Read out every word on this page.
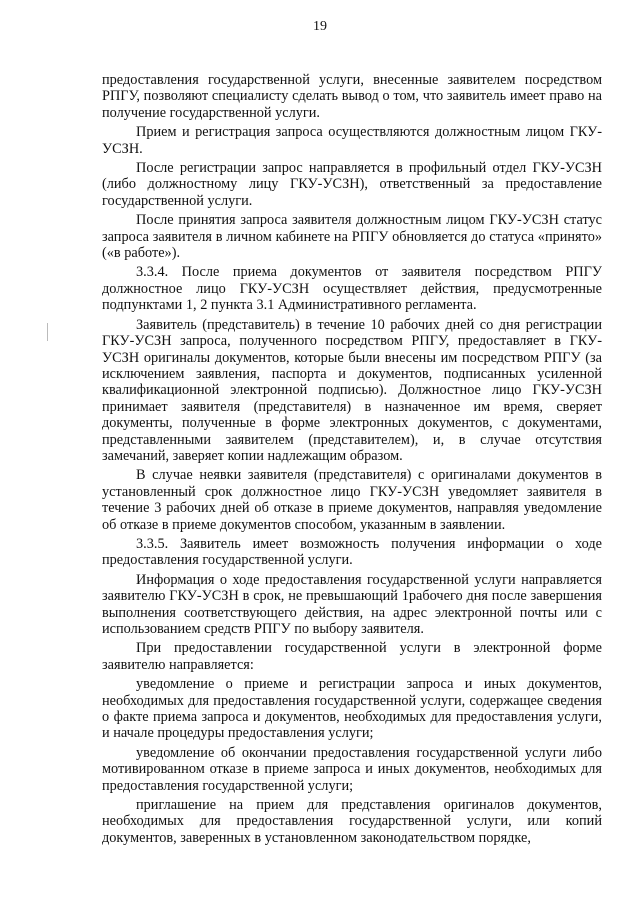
19

предоставления государственной услуги, внесенные заявителем посредством РПГУ, позволяют специалисту сделать вывод о том, что заявитель имеет право на получение государственной услуги.

Прием и регистрация запроса осуществляются должностным лицом ГКУ-УСЗН.

После регистрации запрос направляется в профильный отдел ГКУ-УСЗН (либо должностному лицу ГКУ-УСЗН), ответственный за предоставление государственной услуги.

После принятия запроса заявителя должностным лицом ГКУ-УСЗН статус запроса заявителя в личном кабинете на РПГУ обновляется до статуса «принято» («в работе»).

3.3.4. После приема документов от заявителя посредством РПГУ должностное лицо ГКУ-УСЗН осуществляет действия, предусмотренные подпунктами 1, 2 пункта 3.1 Административного регламента.

Заявитель (представитель) в течение 10 рабочих дней со дня регистрации ГКУ-УСЗН запроса, полученного посредством РПГУ, предоставляет в ГКУ-УСЗН оригиналы документов, которые были внесены им посредством РПГУ (за исключением заявления, паспорта и документов, подписанных усиленной квалификационной электронной подписью). Должностное лицо ГКУ-УСЗН принимает заявителя (представителя) в назначенное им время, сверяет документы, полученные в форме электронных документов, с документами, представленными заявителем (представителем), и, в случае отсутствия замечаний, заверяет копии надлежащим образом.

В случае неявки заявителя (представителя) с оригиналами документов в установленный срок должностное лицо ГКУ-УСЗН уведомляет заявителя в течение 3 рабочих дней об отказе в приеме документов, направляя уведомление об отказе в приеме документов способом, указанным в заявлении.

3.3.5. Заявитель имеет возможность получения информации о ходе предоставления государственной услуги.

Информация о ходе предоставления государственной услуги направляется заявителю ГКУ-УСЗН в срок, не превышающий 1рабочего дня после завершения выполнения соответствующего действия, на адрес электронной почты или с использованием средств РПГУ по выбору заявителя.

При предоставлении государственной услуги в электронной форме заявителю направляется:

уведомление о приеме и регистрации запроса и иных документов, необходимых для предоставления государственной услуги, содержащее сведения о факте приема запроса и документов, необходимых для предоставления услуги, и начале процедуры предоставления услуги;

уведомление об окончании предоставления государственной услуги либо мотивированном отказе в приеме запроса и иных документов, необходимых для предоставления государственной услуги;

приглашение на прием для представления оригиналов документов, необходимых для предоставления государственной услуги, или копий документов, заверенных в установленном законодательством порядке,
